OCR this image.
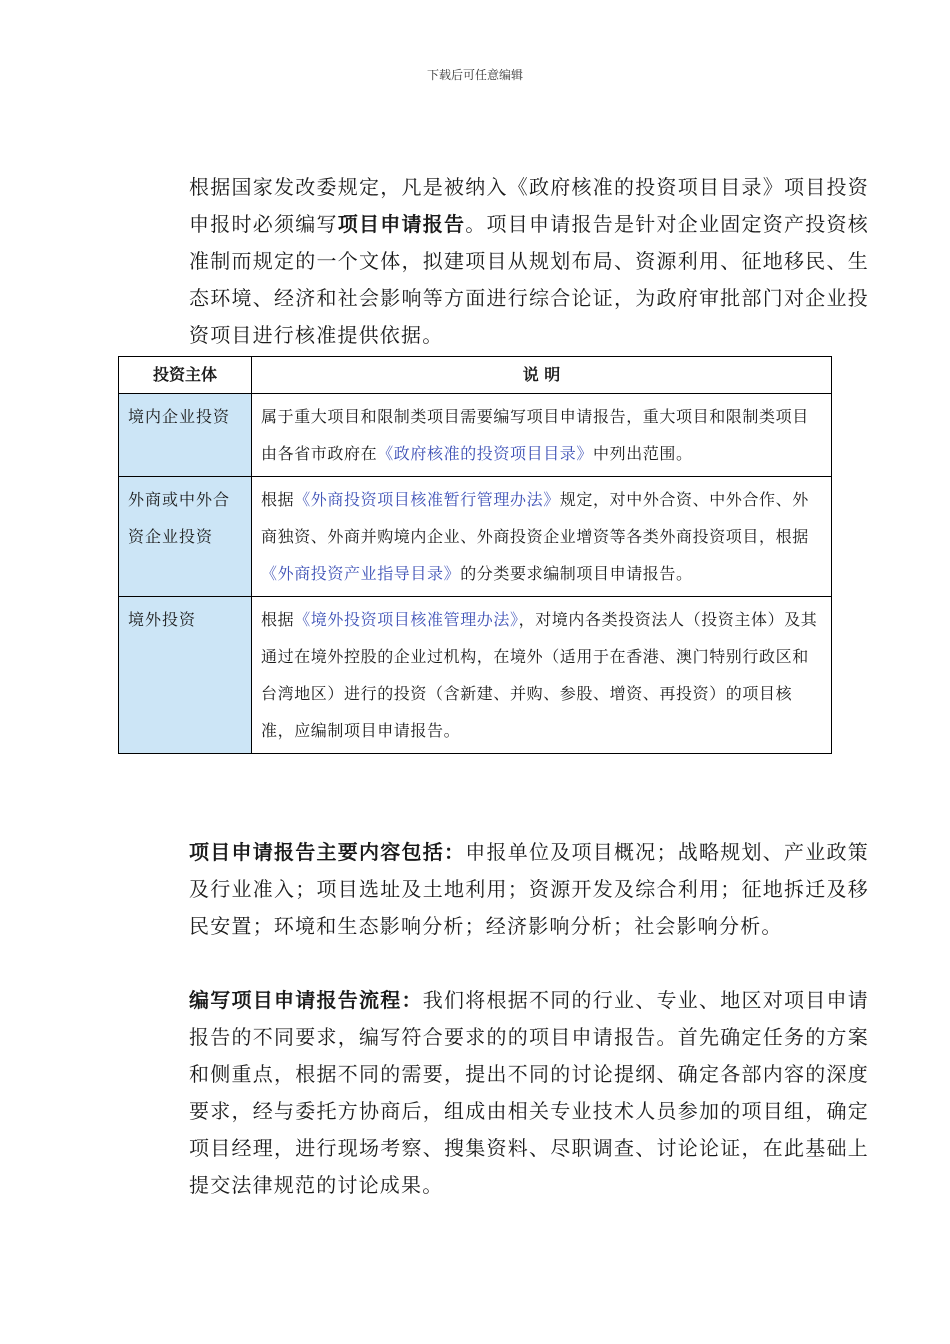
下载后可任意编辑

根据国家发改委规定，凡是被纳入《政府核准的投资项目目录》项目投资申报时必须编写项目申请报告。项目申请报告是针对企业固定资产投资核准制而规定的一个文体，拟建项目从规划布局、资源利用、征地移民、生态环境、经济和社会影响等方面进行综合论证，为政府审批部门对企业投资项目进行核准提供依据。

投资主体	说 明
境内企业投资	属于重大项目和限制类项目需要编写项目申请报告，重大项目和限制类项目 由各省市政府在《政府核准的投资项目目录》中列出范围。
外商或中外合资企业投资	根据《外商投资项目核准暂行管理办法》规定，对中外合资、中外合作、外商独资、外商并购境内企业、外商投资企业增资等各类外商投资项目，根据《外商投资产业指导目录》的分类要求编制项目申请报告。
境外投资	根据《境外投资项目核准管理办法》，对境内各类投资法人（投资主体）及其通过在境外控股的企业过机构，在境外（适用于在香港、澳门特别行政区和台湾地区）进行的投资（含新建、并购、参股、增资、再投资）的项目核准，应编制项目申请报告。

项目申请报告主要内容包括：申报单位及项目概况；战略规划、产业政策及行业准入；项目选址及土地利用；资源开发及综合利用；征地拆迁及移民安置；环境和生态影响分析；经济影响分析；社会影响分析。

编写项目申请报告流程：我们将根据不同的行业、专业、地区对项目申请报告的不同要求，编写符合要求的的项目申请报告。首先确定任务的方案和侧重点，根据不同的需要，提出不同的讨论提纲、确定各部内容的深度要求，经与委托方协商后，组成由相关专业技术人员参加的项目组，确定项目经理，进行现场考察、搜集资料、尽职调查、讨论论证，在此基础上提交法律规范的讨论成果。
